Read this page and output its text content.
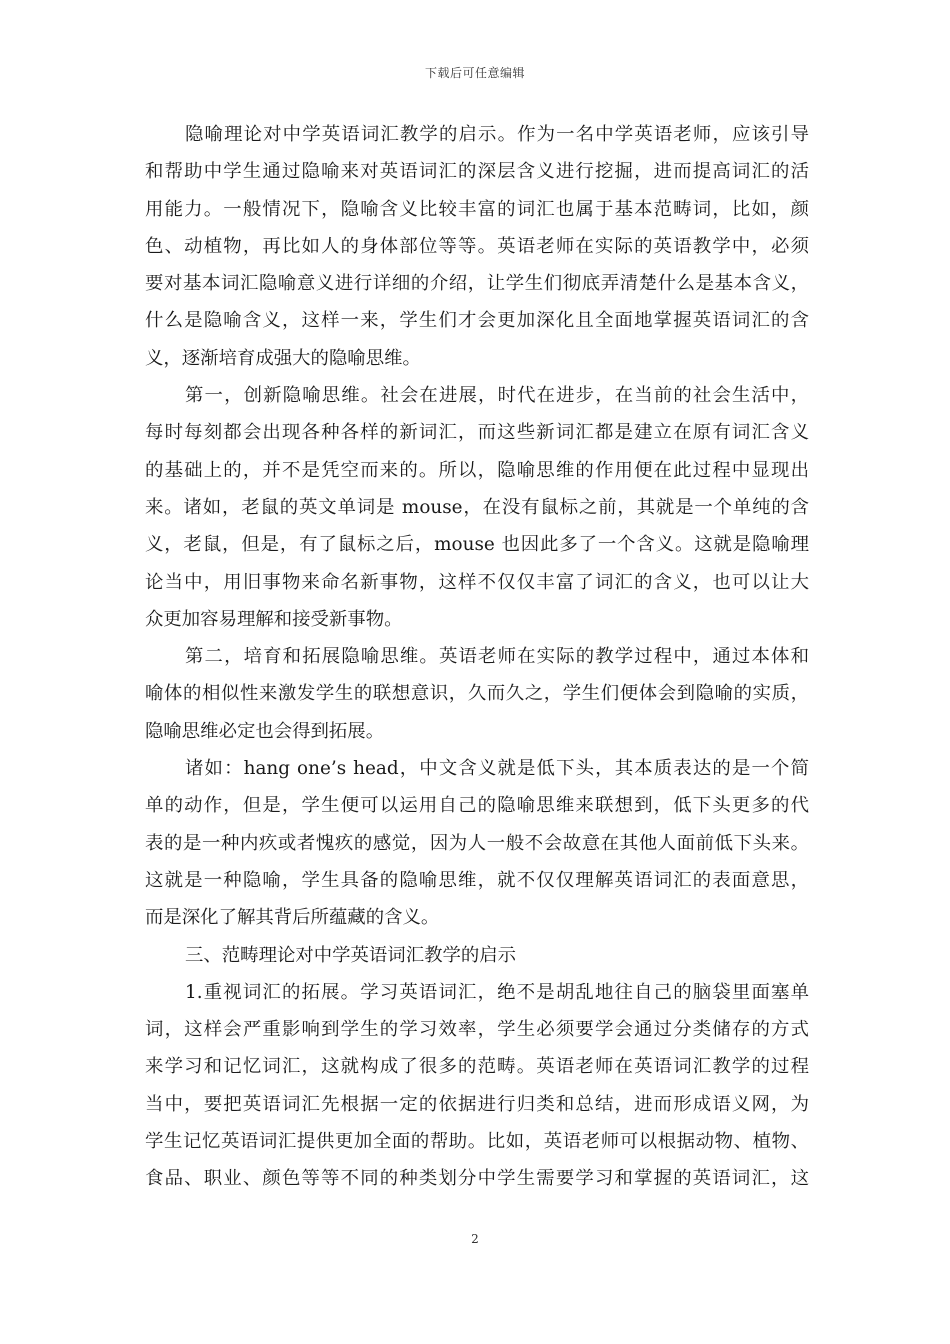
下载后可任意编辑
隐喻理论对中学英语词汇教学的启示。作为一名中学英语老师，应该引导
和帮助中学生通过隐喻来对英语词汇的深层含义进行挖掘，进而提高词汇的活
用能力。一般情况下，隐喻含义比较丰富的词汇也属于基本范畴词，比如，颜
色、动植物，再比如人的身体部位等等。英语老师在实际的英语教学中，必须
要对基本词汇隐喻意义进行详细的介绍，让学生们彻底弄清楚什么是基本含义，
什么是隐喻含义，这样一来，学生们才会更加深化且全面地掌握英语词汇的含
义，逐渐培育成强大的隐喻思维。
第一，创新隐喻思维。社会在进展，时代在进步，在当前的社会生活中，
每时每刻都会出现各种各样的新词汇，而这些新词汇都是建立在原有词汇含义
的基础上的，并不是凭空而来的。所以，隐喻思维的作用便在此过程中显现出
来。诸如，老鼠的英文单词是 mouse，在没有鼠标之前，其就是一个单纯的含
义，老鼠，但是，有了鼠标之后，mouse 也因此多了一个含义。这就是隐喻理
论当中，用旧事物来命名新事物，这样不仅仅丰富了词汇的含义，也可以让大
众更加容易理解和接受新事物。
第二，培育和拓展隐喻思维。英语老师在实际的教学过程中，通过本体和
喻体的相似性来激发学生的联想意识，久而久之，学生们便体会到隐喻的实质，
隐喻思维必定也会得到拓展。
诸如：hang one’s head，中文含义就是低下头，其本质表达的是一个简
单的动作，但是，学生便可以运用自己的隐喻思维来联想到，低下头更多的代
表的是一种内疚或者愧疚的感觉，因为人一般不会故意在其他人面前低下头来。
这就是一种隐喻，学生具备的隐喻思维，就不仅仅理解英语词汇的表面意思，
而是深化了解其背后所蕴藏的含义。
三、范畴理论对中学英语词汇教学的启示
1.重视词汇的拓展。学习英语词汇，绝不是胡乱地往自己的脑袋里面塞单
词，这样会严重影响到学生的学习效率，学生必须要学会通过分类储存的方式
来学习和记忆词汇，这就构成了很多的范畴。英语老师在英语词汇教学的过程
当中，要把英语词汇先根据一定的依据进行归类和总结，进而形成语义网，为
学生记忆英语词汇提供更加全面的帮助。比如，英语老师可以根据动物、植物、
食品、职业、颜色等等不同的种类划分中学生需要学习和掌握的英语词汇，这
2
